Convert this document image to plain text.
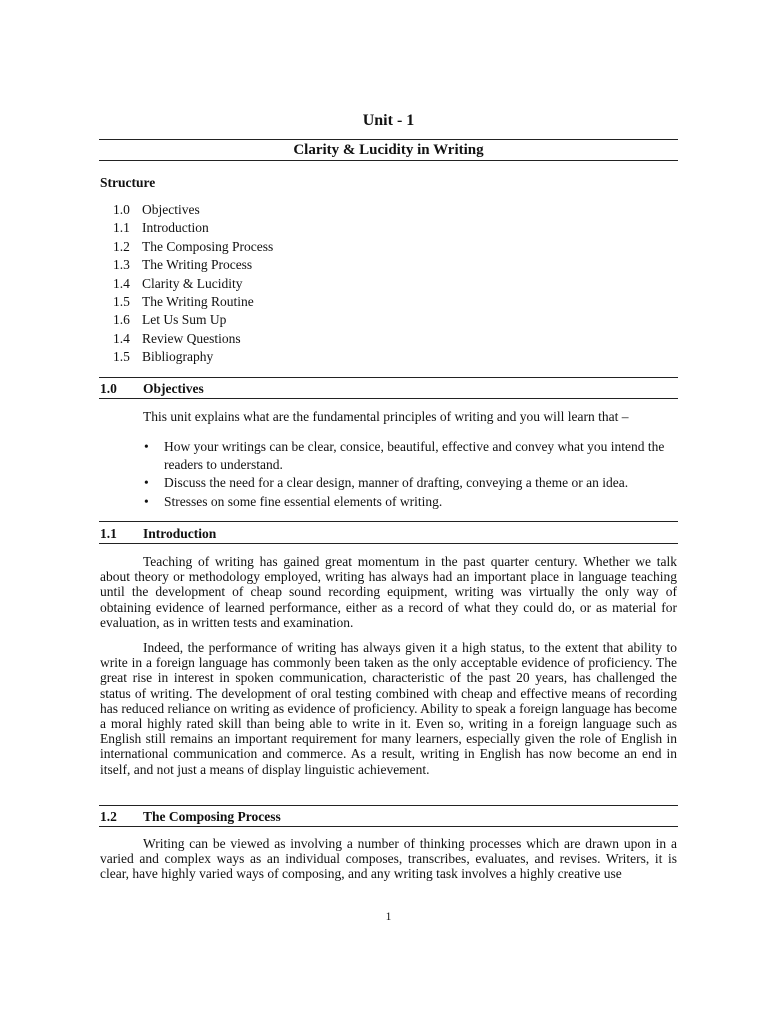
Unit - 1
Clarity & Lucidity in Writing
Structure
1.0 Objectives
1.1 Introduction
1.2 The Composing Process
1.3 The Writing Process
1.4 Clarity & Lucidity
1.5 The Writing Routine
1.6 Let Us Sum Up
1.4 Review Questions
1.5 Bibliography
1.0 Objectives

This unit explains what are the fundamental principles of writing and you will learn that –

• How your writings can be clear, consice, beautiful, effective and convey what you intend the readers to understand.
• Discuss the need for a clear design, manner of drafting, conveying a theme or an idea.
• Stresses on some fine essential elements of writing.
1.1 Introduction

Teaching of writing has gained great momentum in the past quarter century. Whether we talk about theory or methodology employed, writing has always had an important place in language teaching until the development of cheap sound recording equipment, writing was virtually the only way of obtaining evidence of learned performance, either as a record of what they could do, or as material for evaluation, as in written tests and examination.

Indeed, the performance of writing has always given it a high status, to the extent that ability to write in a foreign language has commonly been taken as the only acceptable evidence of proficiency. The great rise in interest in spoken communication, characteristic of the past 20 years, has challenged the status of writing. The development of oral testing combined with cheap and effective means of recording has reduced reliance on writing as evidence of proficiency. Ability to speak a foreign language has become a moral highly rated skill than being able to write in it. Even so, writing in a foreign language such as English still remains an important requirement for many learners, especially given the role of English in international communication and commerce. As a result, writing in English has now become an end in itself, and not just a means of display linguistic achievement.

1.2 The Composing Process

Writing can be viewed as involving a number of thinking processes which are drawn upon in a varied and complex ways as an individual composes, transcribes, evaluates, and revises. Writers, it is clear, have highly varied ways of composing, and any writing task involves a highly creative use

1
